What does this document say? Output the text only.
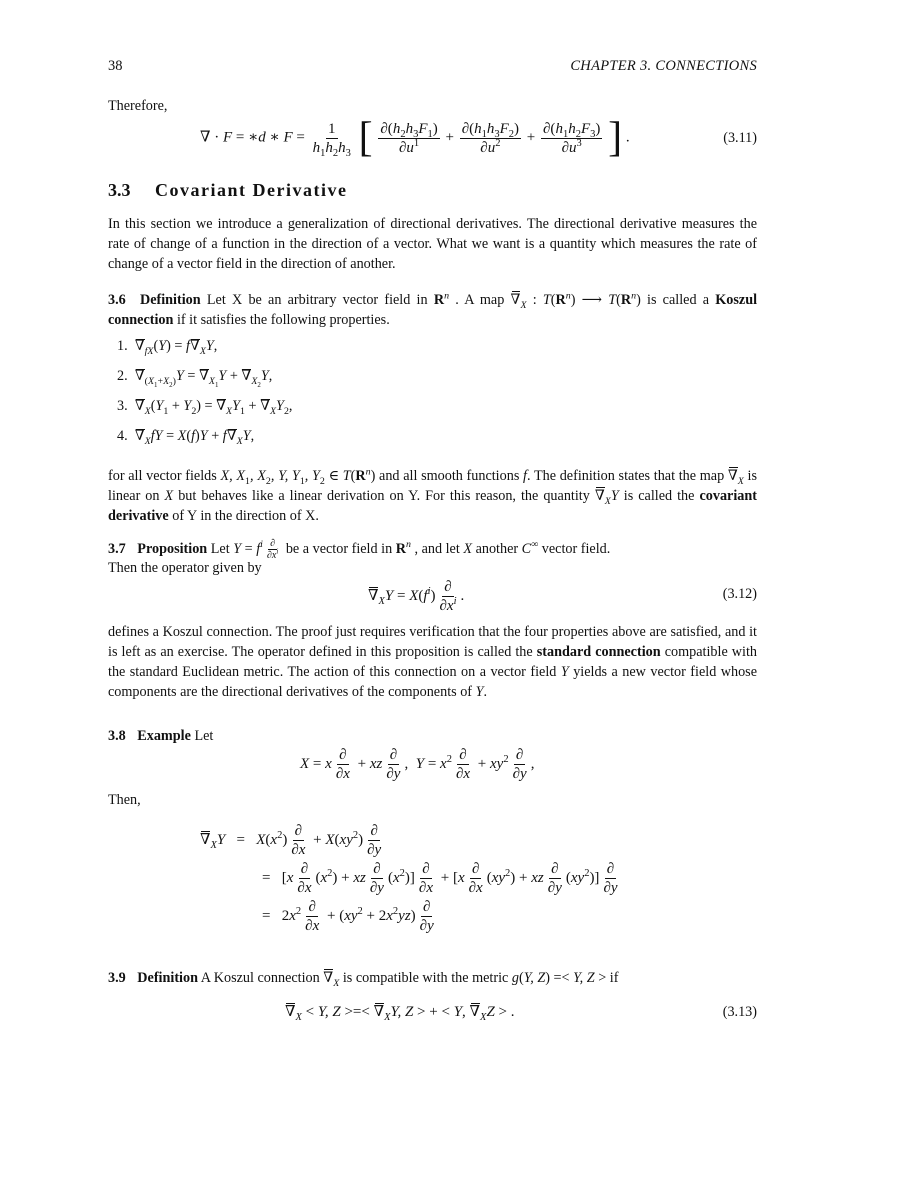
38	CHAPTER 3. CONNECTIONS
Therefore,
∇ · F = ∗d ∗ $F = \frac{1}{h_1h_2h_3}$ [ $\frac{\partial(h_2h_3F_1)}{\partial u^1} + \frac{\partial(h_1h_3F_2)}{\partial u^2} + \frac{\partial(h_1h_2F_3)}{\partial u^3}$ ] .	(3.11)
3.3 Covariant Derivative
In this section we introduce a generalization of directional derivatives. The directional derivative measures the rate of change of a function in the direction of a vector. What we want is a quantity which measures the rate of change of a vector field in the direction of another.
3.6 Definition Let X be an arbitrary vector field in $R^n$ . A map $\nabla_X$ : $T(R^n)$ ⟶ $T(R^n)$ is called a Koszul connection if it satisfies the following properties.
1.  $\nabla_{fX}(Y) = f\nabla_XY$,
2.  $\nabla_{(X_1+X_2)}Y = \nabla_{X_1}Y + \nabla_{X_2}Y$,
3.  $\nabla_X(Y_1 + Y_2) = \nabla_XY_1 + \nabla_XY_2$,
4.  $\nabla_XfY = X(f)Y + f\nabla_XY$,
for all vector fields X, $X_1$, $X_2$, Y, $Y_1$, $Y_2$ ∈ $T(R^n)$ and all smooth functions f. The definition states that the map $\nabla_X$ is linear on X but behaves like a linear derivation on Y. For this reason, the quantity $\nabla_XY$ is called the covariant derivative of Y in the direction of X.
3.7 Proposition Let $Y = f^i \frac{\partial}{\partial x^i}$ be a vector field in $R^n$ , and let X another C∞ vector field.
Then the operator given by
$\nabla_XY = X(f^i) \frac{\partial}{\partial x^i}$ .	(3.12)
defines a Koszul connection. The proof just requires verification that the four properties above are satisfied, and it is left as an exercise. The operator defined in this proposition is called the standard connection compatible with the standard Euclidean metric. The action of this connection on a vector field Y yields a new vector field whose components are the directional derivatives of the components of Y.
3.8 Example Let
X = x $\frac{\partial}{\partial x}$ + xz $\frac{\partial}{\partial y}$ ,  $Y = x^2 \frac{\partial}{\partial x} + xy^2 \frac{\partial}{\partial y}$ ,
Then,
$\nabla_XY = X(x^2) \frac{\partial}{\partial x} + X(xy^2) \frac{\partial}{\partial y}$
=   [$x \frac{\partial}{\partial x} (x^2)$ + xz $\frac{\partial}{\partial y} (x^2)] \frac{\partial}{\partial x} + [x \frac{\partial}{\partial x} (xy^2)$ + xz $\frac{\partial}{\partial y} (xy^2)] \frac{\partial}{\partial y}$
=   $2x^2 \frac{\partial}{\partial x} + (xy^2 + 2x^2yz) \frac{\partial}{\partial y}$
3.9 Definition A Koszul connection $\nabla_X$ is compatible with the metric g(Y, Z) =< Y, Z > if
$\nabla_X < Y$, Z >=< $\nabla_XY$, Z > + < Y, $\nabla_XZ$ > .	(3.13)
